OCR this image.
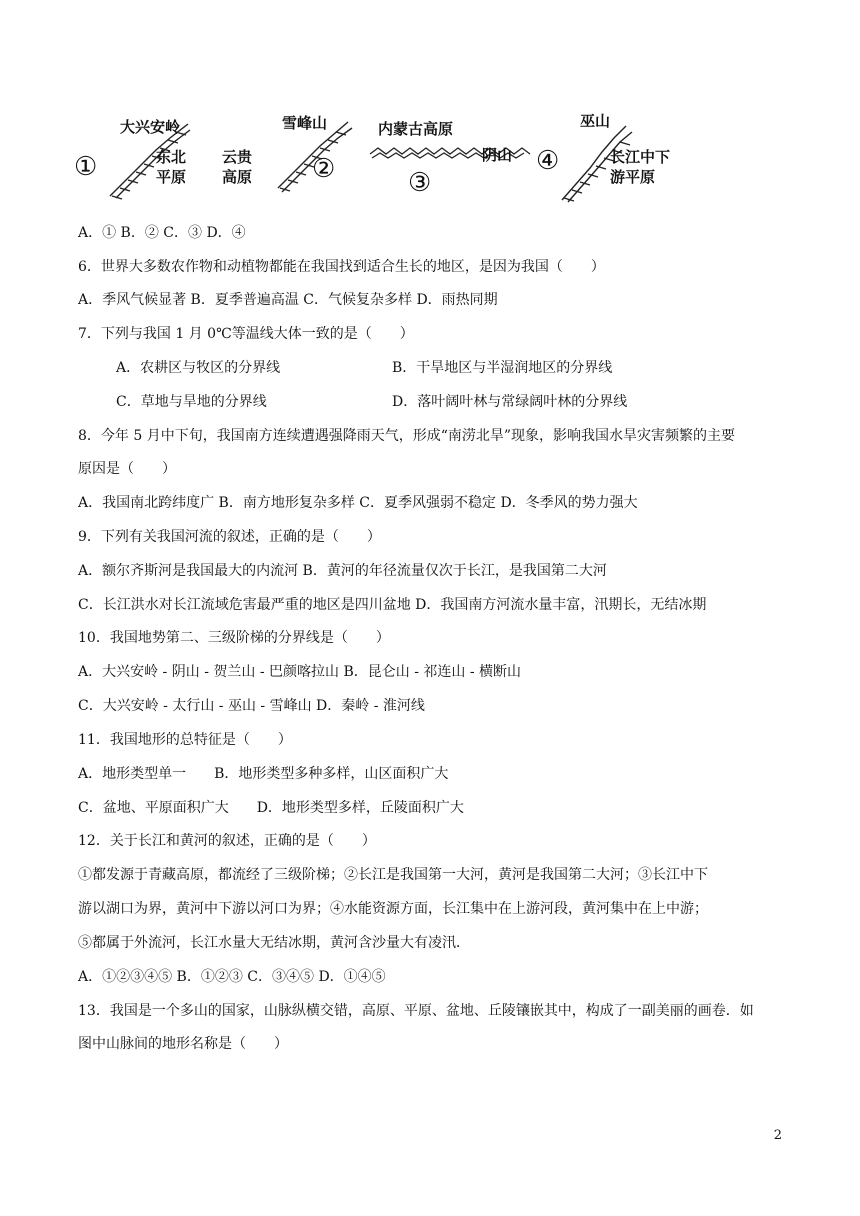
①
大兴安岭
东北
平原
雪峰山
云贵
高原 ②
内蒙古高原
阴山
③
④
巫山
长江中下
游平原
A．① B．② C．③ D．④
6．世界大多数农作物和动植物都能在我国找到适合生长的地区，是因为我国（　　）
A．季风气候显著 B．夏季普遍高温 C．气候复杂多样 D．雨热同期
7．下列与我国 1 月 0℃等温线大体一致的是（　　）
A．农耕区与牧区的分界线	B．干旱地区与半湿润地区的分界线
C．草地与旱地的分界线	D．落叶阔叶林与常绿阔叶林的分界线
8．今年 5 月中下旬，我国南方连续遭遇强降雨天气，形成“南涝北旱”现象，影响我国水旱灾害频繁的主要
原因是（　　）
A．我国南北跨纬度广 B．南方地形复杂多样 C．夏季风强弱不稳定 D．冬季风的势力强大
9．下列有关我国河流的叙述，正确的是（　　）
A．额尔齐斯河是我国最大的内流河 B．黄河的年径流量仅次于长江，是我国第二大河
C．长江洪水对长江流域危害最严重的地区是四川盆地 D．我国南方河流水量丰富，汛期长，无结冰期
10．我国地势第二、三级阶梯的分界线是（　　）
A．大兴安岭 - 阴山 - 贺兰山 - 巴颜喀拉山 B．昆仑山 - 祁连山 - 横断山
C．大兴安岭 - 太行山 - 巫山 - 雪峰山 D．秦岭 - 淮河线
11．我国地形的总特征是（　　）
A．地形类型单一　　B．地形类型多种多样，山区面积广大
C．盆地、平原面积广大　　D．地形类型多样，丘陵面积广大
12．关于长江和黄河的叙述，正确的是（　　）
①都发源于青藏高原，都流经了三级阶梯；②长江是我国第一大河，黄河是我国第二大河；③长江中下
游以湖口为界，黄河中下游以河口为界；④水能资源方面，长江集中在上游河段，黄河集中在上中游；
⑤都属于外流河，长江水量大无结冰期，黄河含沙量大有凌汛．
A．①②③④⑤ B．①②③ C．③④⑤ D．①④⑤
13．我国是一个多山的国家，山脉纵横交错，高原、平原、盆地、丘陵镶嵌其中，构成了一副美丽的画卷．如
图中山脉间的地形名称是（　　）
2
